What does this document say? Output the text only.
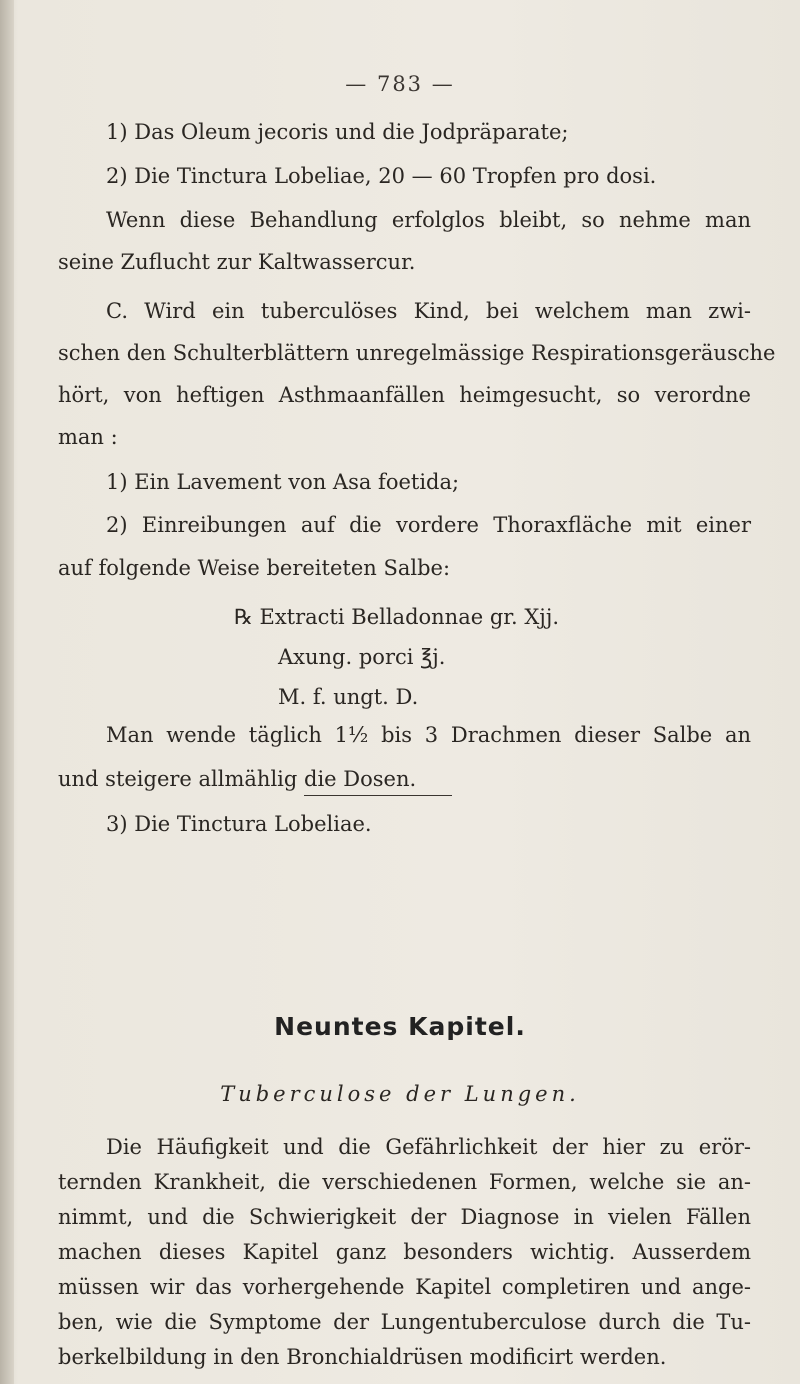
— 783 —
1) Das Oleum jecoris und die Jodpräparate;
2) Die Tinctura Lobeliae, 20 — 60 Tropfen pro dosi.
Wenn diese Behandlung erfolglos bleibt, so nehme man
seine Zuflucht zur Kaltwassercur.
C. Wird ein tuberculöses Kind, bei welchem man zwi-
schen den Schulterblättern unregelmässige Respirationsgeräusche
hört, von heftigen Asthmaanfällen heimgesucht, so verordne
man :
1) Ein Lavement von Asa foetida;
2) Einreibungen auf die vordere Thoraxfläche mit einer
auf folgende Weise bereiteten Salbe:
℞ Extracti Belladonnae gr. Xjj.
Axung. porci ℥j.
M. f. ungt. D.
Man wende täglich 1½ bis 3 Drachmen dieser Salbe an
und steigere allmählig die Dosen.
3) Die Tinctura Lobeliae.
Neuntes Kapitel.
Tuberculose der Lungen.
Die Häufigkeit und die Gefährlichkeit der hier zu erör-
ternden Krankheit, die verschiedenen Formen, welche sie an-
nimmt, und die Schwierigkeit der Diagnose in vielen Fällen
machen dieses Kapitel ganz besonders wichtig. Ausserdem
müssen wir das vorhergehende Kapitel completiren und ange-
ben, wie die Symptome der Lungentuberculose durch die Tu-
berkelbildung in den Bronchialdrüsen modificirt werden.
